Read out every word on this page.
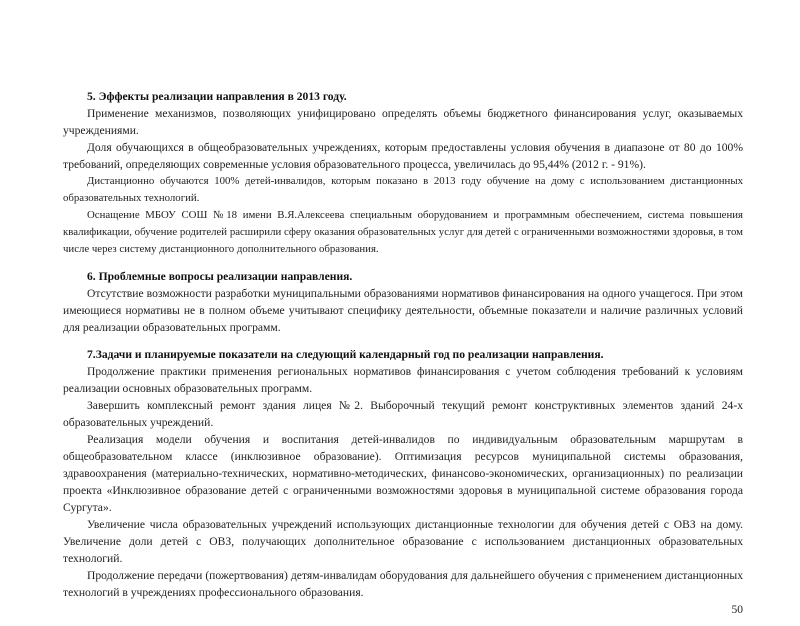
5. Эффекты реализации направления в 2013 году.

Применение механизмов, позволяющих унифицировано определять объемы бюджетного финансирования услуг, оказываемых учреждениями.

Доля обучающихся в общеобразовательных учреждениях, которым предоставлены условия обучения в диапазоне от 80 до 100% требований, определяющих современные условия образовательного процесса, увеличилась до 95,44% (2012 г. - 91%).

Дистанционно обучаются 100% детей-инвалидов, которым показано в 2013 году обучение на дому с использованием дистанционных образовательных технологий.

Оснащение МБОУ СОШ №18 имени В.Я.Алексеева специальным оборудованием и программным обеспечением, система повышения квалификации, обучение родителей расширили сферу оказания образовательных услуг для детей с ограниченными возможностями здоровья, в том числе через систему дистанционного дополнительного образования.

6. Проблемные вопросы реализации направления.

Отсутствие возможности разработки муниципальными образованиями нормативов финансирования на одного учащегося. При этом имеющиеся нормативы не в полном объеме учитывают специфику деятельности, объемные показатели и наличие различных условий для реализации образовательных программ.

7.Задачи и планируемые показатели на следующий календарный год по реализации направления.

Продолжение практики применения региональных нормативов финансирования с учетом соблюдения требований к условиям реализации основных образовательных программ.

Завершить комплексный ремонт здания лицея №2. Выборочный текущий ремонт конструктивных элементов зданий 24-х образовательных учреждений.

Реализация модели обучения и воспитания детей-инвалидов по индивидуальным образовательным маршрутам в общеобразовательном классе (инклюзивное образование). Оптимизация ресурсов муниципальной системы образования, здравоохранения (материально-технических, нормативно-методических, финансово-экономических, организационных) по реализации проекта «Инклюзивное образование детей с ограниченными возможностями здоровья в муниципальной системе образования города Сургута».

Увеличение числа образовательных учреждений использующих дистанционные технологии для обучения детей с ОВЗ на дому. Увеличение доли детей с ОВЗ, получающих дополнительное образование с использованием дистанционных образовательных технологий.

Продолжение передачи (пожертвования) детям-инвалидам оборудования для дальнейшего обучения с применением дистанционных технологий в учреждениях профессионального образования.

50
